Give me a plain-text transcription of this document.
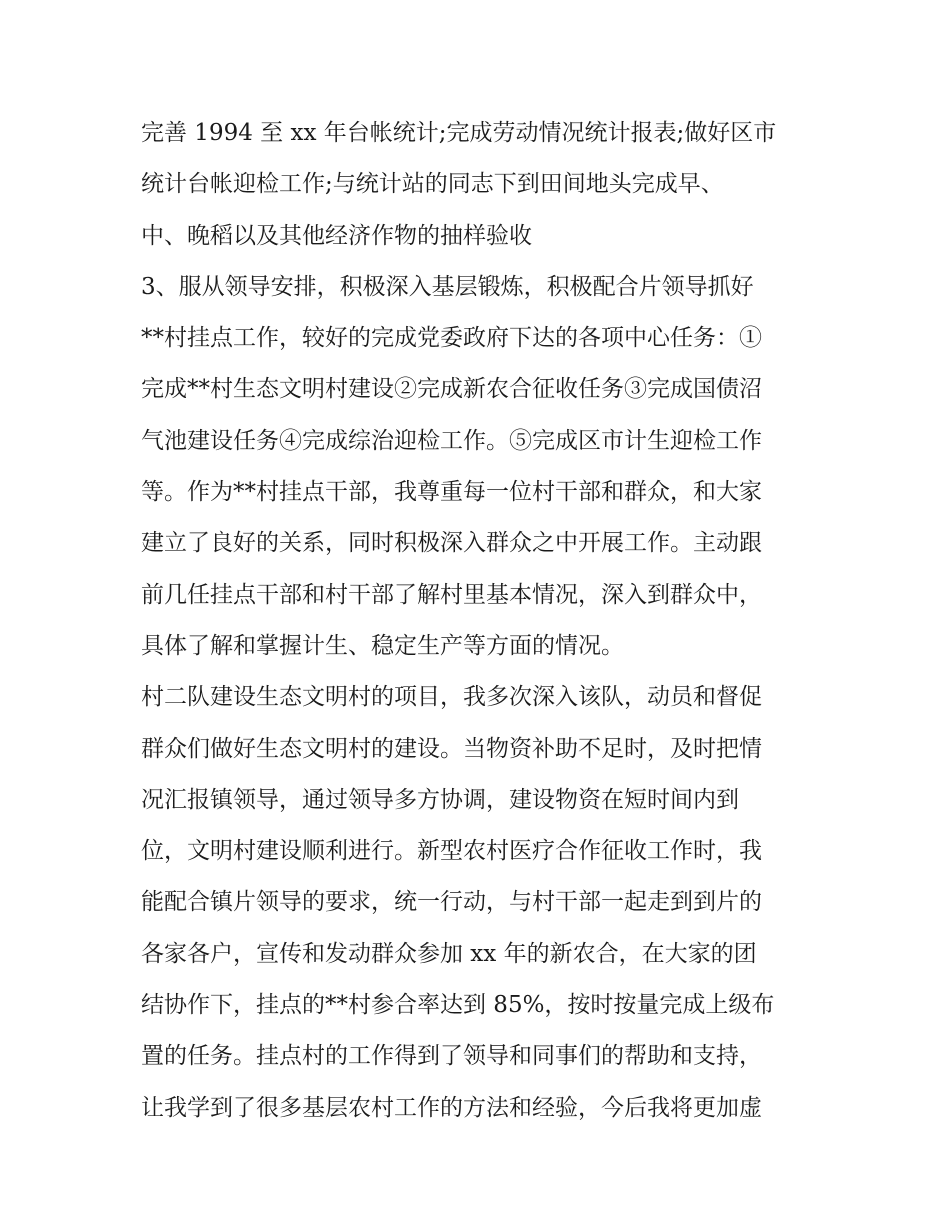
完善 1994 至 xx 年台帐统计;完成劳动情况统计报表;做好区市
统计台帐迎检工作;与统计站的同志下到田间地头完成早、
中、晚稻以及其他经济作物的抽样验收
3、服从领导安排，积极深入基层锻炼，积极配合片领导抓好
**村挂点工作，较好的完成党委政府下达的各项中心任务：①
完成**村生态文明村建设②完成新农合征收任务③完成国债沼
气池建设任务④完成综治迎检工作。⑤完成区市计生迎检工作
等。作为**村挂点干部，我尊重每一位村干部和群众，和大家
建立了良好的关系，同时积极深入群众之中开展工作。主动跟
前几任挂点干部和村干部了解村里基本情况，深入到群众中，
具体了解和掌握计生、稳定生产等方面的情况。
村二队建设生态文明村的项目，我多次深入该队，动员和督促
群众们做好生态文明村的建设。当物资补助不足时，及时把情
况汇报镇领导，通过领导多方协调，建设物资在短时间内到
位，文明村建设顺利进行。新型农村医疗合作征收工作时，我
能配合镇片领导的要求，统一行动，与村干部一起走到到片的
各家各户，宣传和发动群众参加 xx 年的新农合，在大家的团
结协作下，挂点的**村参合率达到 85%，按时按量完成上级布
置的任务。挂点村的工作得到了领导和同事们的帮助和支持，
让我学到了很多基层农村工作的方法和经验，今后我将更加虚
